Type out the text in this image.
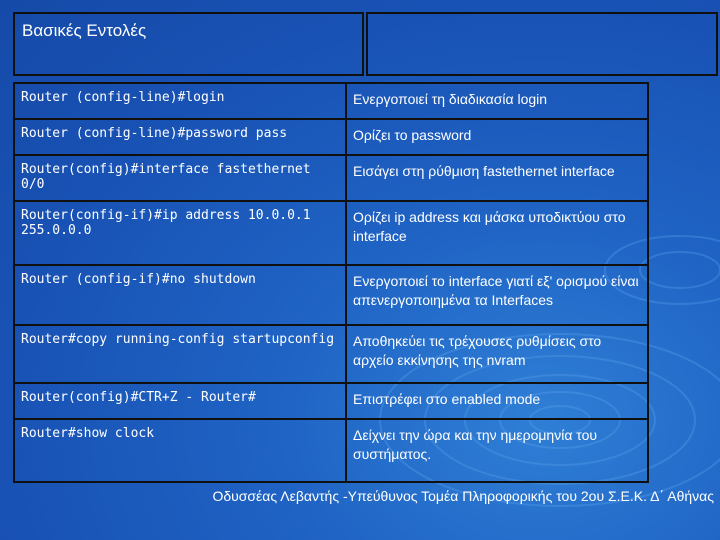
Βασικές Εντολές
Router (config-line)#login	Ενεργοποιεί τη διαδικασία login
Router (config-line)#password pass	Ορίζει το password
Router(config)#interface fastethernet 0/0	Εισάγει στη ρύθμιση fastethernet interface
Router(config-if)#ip address 10.0.0.1 255.0.0.0	Ορίζει ip address και μάσκα υποδικτύου στο interface
Router (config-if)#no shutdown	Ενεργοποιεί το interface γιατί εξ' ορισμού είναι απενεργοποιημένα τα Interfaces
Router#copy running-config startupconfig	Αποθηκεύει τις τρέχουσες ρυθμίσεις στο αρχείο εκκίνησης της nvram
Router(config)#CTR+Z - Router#	Επιστρέφει στο enabled mode
Router#show clock	Δείχνει την ώρα και την ημερομηνία του συστήματος.
Οδυσσέας Λεβαντής -Υπεύθυνος Τομέα Πληροφορικής του 2ου Σ.Ε.Κ. Δ΄ Αθήνας
